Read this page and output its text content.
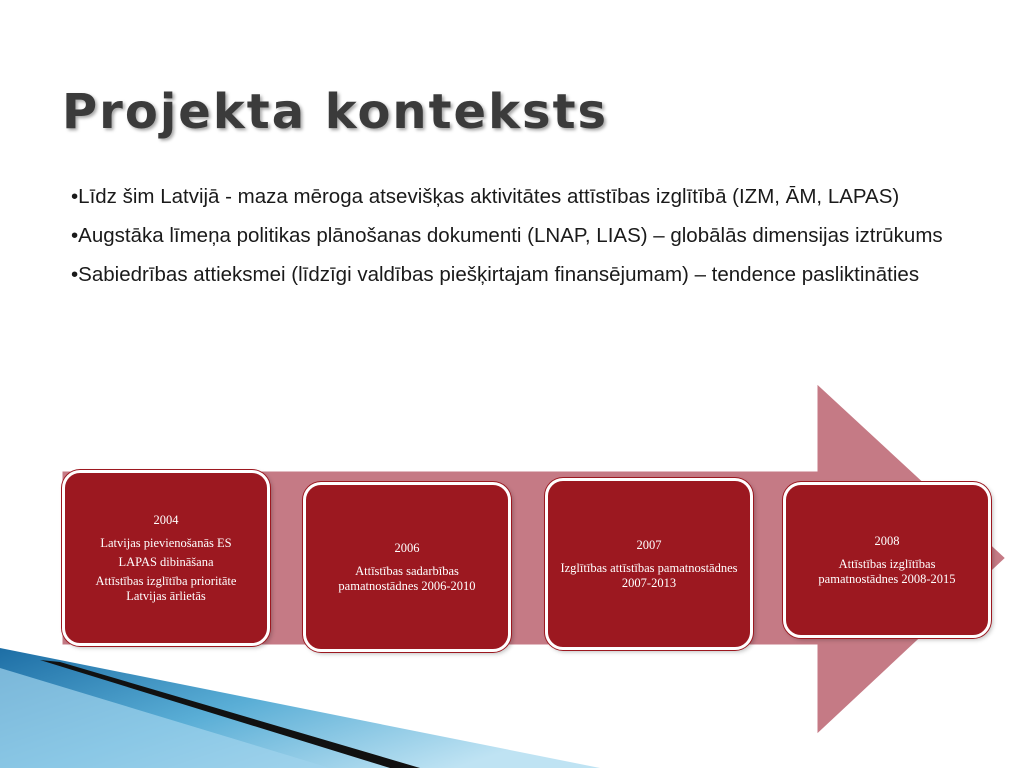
Projekta konteksts

•Līdz šim Latvijā - maza mēroga atsevišķas aktivitātes attīstības izglītībā (IZM, ĀM, LAPAS)

•Augstāka līmeņa politikas plānošanas dokumenti (LNAP, LIAS) – globālās dimensijas iztrūkums

•Sabiedrības attieksmei (līdzīgi valdības piešķirtajam finansējumam) – tendence pasliktināties

2004
Latvijas pievienošanās ES
LAPAS dibināšana
Attīstības izglītība prioritāte Latvijas ārlietās
2006
Attīstības sadarbības pamatnostādnes 2006-2010
2007
Izglītības attīstības pamatnostādnes 2007-2013
2008
Attīstības izglītības pamatnostādnes 2008-2015
